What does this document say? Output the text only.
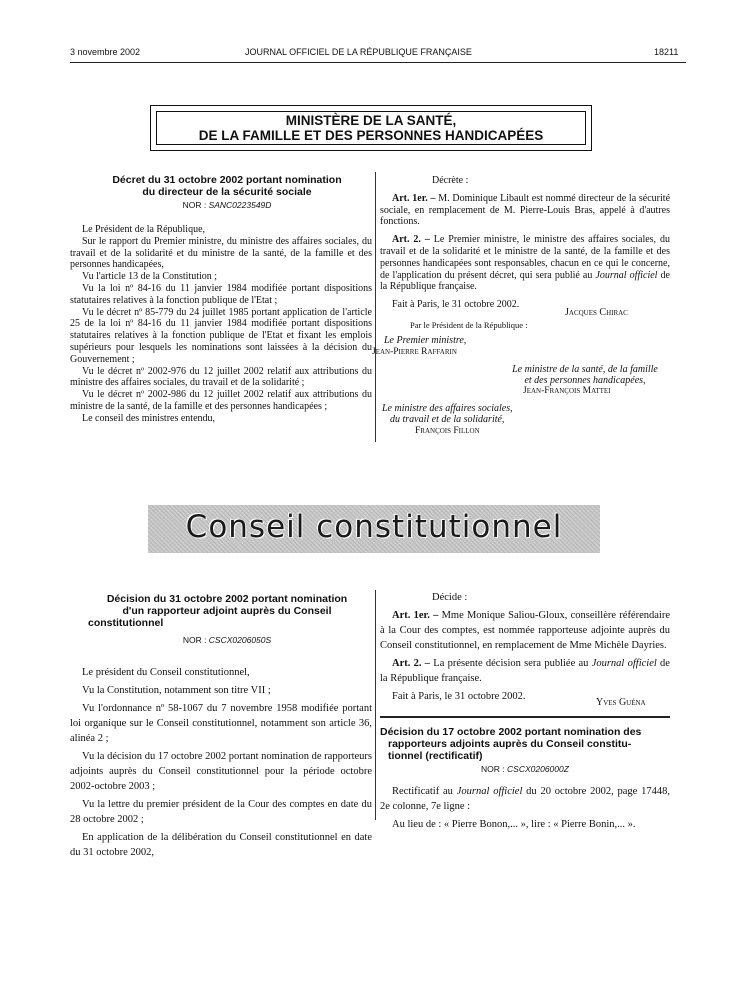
3 novembre 2002	JOURNAL OFFICIEL DE LA RÉPUBLIQUE FRANÇAISE	18211
MINISTÈRE DE LA SANTÉ,
DE LA FAMILLE ET DES PERSONNES HANDICAPÉES
Décret du 31 octobre 2002 portant nomination
du directeur de la sécurité sociale
NOR : SANC0223549D

Le Président de la République,

Sur le rapport du Premier ministre, du ministre des affaires sociales, du travail et de la solidarité et du ministre de la santé, de la famille et des personnes handicapées,

Vu l'article 13 de la Constitution ;

Vu la loi nº 84-16 du 11 janvier 1984 modifiée portant dispositions statutaires relatives à la fonction publique de l'Etat ;

Vu le décret nº 85-779 du 24 juillet 1985 portant application de l'article 25 de la loi nº 84-16 du 11 janvier 1984 modifiée portant dispositions statutaires relatives à la fonction publique de l'Etat et fixant les emplois supérieurs pour lesquels les nominations sont laissées à la décision du Gouvernement ;

Vu le décret nº 2002-976 du 12 juillet 2002 relatif aux attributions du ministre des affaires sociales, du travail et de la solidarité ;

Vu le décret nº 2002-986 du 12 juillet 2002 relatif aux attributions du ministre de la santé, de la famille et des personnes handicapées ;

Le conseil des ministres entendu,

Décrète :

Art. 1er. – M. Dominique Libault est nommé directeur de la sécurité sociale, en remplacement de M. Pierre-Louis Bras, appelé à d'autres fonctions.

Art. 2. – Le Premier ministre, le ministre des affaires sociales, du travail et de la solidarité et le ministre de la santé, de la famille et des personnes handicapées sont responsables, chacun en ce qui le concerne, de l'application du présent décret, qui sera publié au Journal officiel de la République française.

Fait à Paris, le 31 octobre 2002.

Jacques Chirac
Par le Président de la République :
Le Premier ministre,
Jean-Pierre Raffarin
Le ministre de la santé, de la famille
et des personnes handicapées,
Jean-François Mattei
Le ministre des affaires sociales,
du travail et de la solidarité,
François Fillon
Conseil constitutionnel
Décision du 31 octobre 2002 portant nomination
d'un rapporteur adjoint auprès du Conseil
constitutionnel
NOR : CSCX0206050S

Le président du Conseil constitutionnel,

Vu la Constitution, notamment son titre VII ;

Vu l'ordonnance nº 58-1067 du 7 novembre 1958 modifiée portant loi organique sur le Conseil constitutionnel, notamment son article 36, alinéa 2 ;

Vu la décision du 17 octobre 2002 portant nomination de rapporteurs adjoints auprès du Conseil constitutionnel pour la période octobre 2002-octobre 2003 ;

Vu la lettre du premier président de la Cour des comptes en date du 28 octobre 2002 ;

En application de la délibération du Conseil constitutionnel en date du 31 octobre 2002,

Décide :

Art. 1er. – Mme Monique Saliou-Gloux, conseillère référendaire à la Cour des comptes, est nommée rapporteuse adjointe auprès du Conseil constitutionnel, en remplacement de Mme Michèle Dayries.

Art. 2. – La présente décision sera publiée au Journal officiel de la République française.

Fait à Paris, le 31 octobre 2002.

Yves Guéna
Décision du 17 octobre 2002 portant nomination des
rapporteurs adjoints auprès du Conseil constitu-
tionnel (rectificatif)
NOR : CSCX0206000Z

Rectificatif au Journal officiel du 20 octobre 2002, page 17448, 2e colonne, 7e ligne :

Au lieu de : « Pierre Bonon,... », lire : « Pierre Bonin,... ».
